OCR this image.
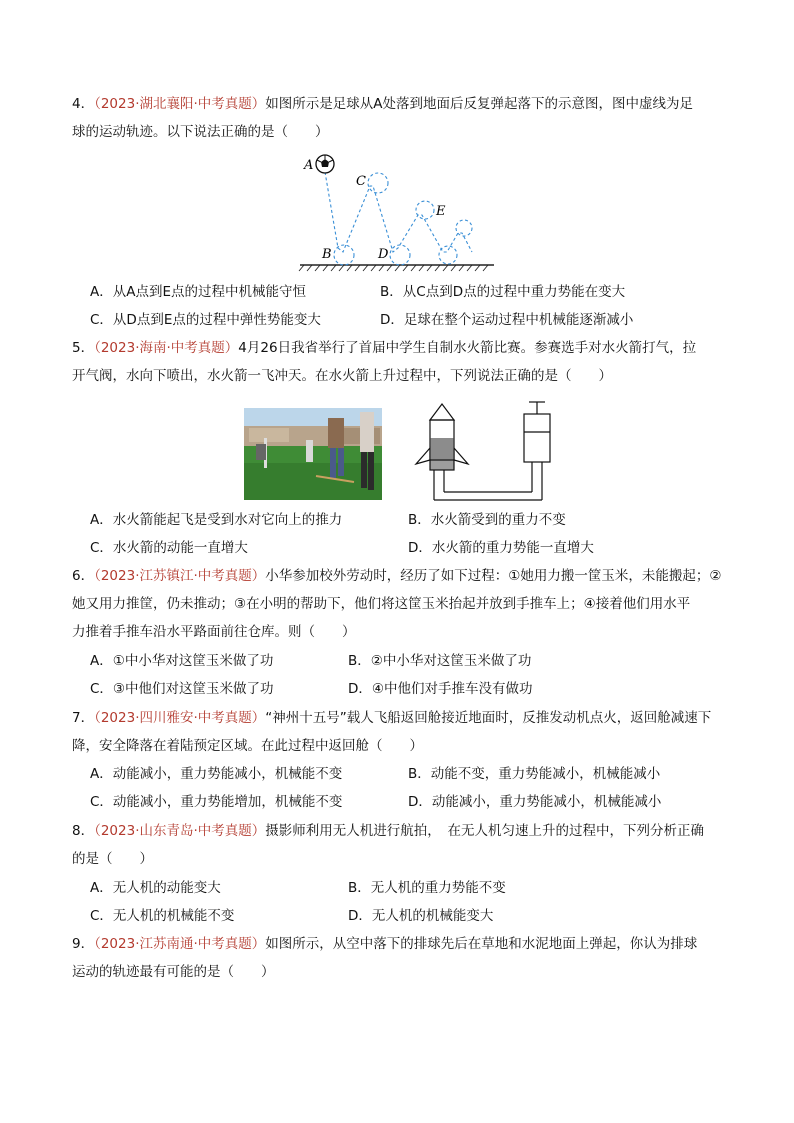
4．（2023·湖北襄阳·中考真题）如图所示是足球从A处落到地面后反复弹起落下的示意图，图中虚线为足
球的运动轨迹。以下说法正确的是（　　）
A
B
C
D
E
A．从A点到E点的过程中机械能守恒	B．从C点到D点的过程中重力势能在变大
C．从D点到E点的过程中弹性势能变大	D．足球在整个运动过程中机械能逐渐减小
5．（2023·海南·中考真题）4月26日我省举行了首届中学生自制水火箭比赛。参赛选手对水火箭打气，拉
开气阀，水向下喷出，水火箭一飞冲天。在水火箭上升过程中，下列说法正确的是（　　）
A．水火箭能起飞是受到水对它向上的推力	B．水火箭受到的重力不变
C．水火箭的动能一直增大	D．水火箭的重力势能一直增大
6．（2023·江苏镇江·中考真题）小华参加校外劳动时，经历了如下过程：①她用力搬一筐玉米，未能搬起；②
她又用力推筐，仍未推动；③在小明的帮助下，他们将这筐玉米抬起并放到手推车上；④接着他们用水平
力推着手推车沿水平路面前往仓库。则（　　）
A．①中小华对这筐玉米做了功	B．②中小华对这筐玉米做了功
C．③中他们对这筐玉米做了功	D．④中他们对手推车没有做功
7．（2023·四川雅安·中考真题）“神州十五号”载人飞船返回舱接近地面时，反推发动机点火，返回舱减速下
降，安全降落在着陆预定区域。在此过程中返回舱（　　）
A．动能减小，重力势能减小，机械能不变	B．动能不变，重力势能减小，机械能减小
C．动能减小，重力势能增加，机械能不变	D．动能减小，重力势能减小，机械能减小
8．（2023·山东青岛·中考真题）摄影师利用无人机进行航拍，　在无人机匀速上升的过程中，下列分析正确
的是（　　）
A．无人机的动能变大	B．无人机的重力势能不变
C．无人机的机械能不变	D．无人机的机械能变大
9．（2023·江苏南通·中考真题）如图所示，从空中落下的排球先后在草地和水泥地面上弹起，你认为排球
运动的轨迹最有可能的是（　　）
